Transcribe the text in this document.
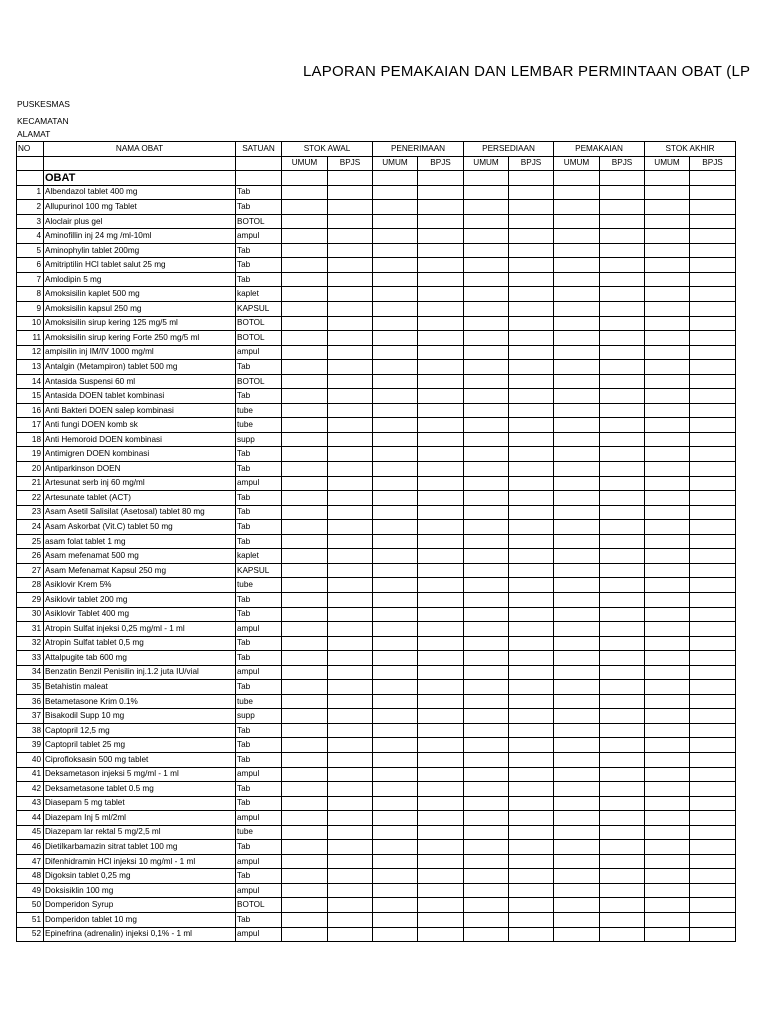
LAPORAN PEMAKAIAN DAN LEMBAR PERMINTAAN OBAT (LP
PUSKESMAS
KECAMATAN
ALAMAT
NO	NAMA OBAT	SATUAN	STOK AWAL		PENERIMAAN		PERSEDIAAN		PEMAKAIAN		STOK AKHIR	
			UMUM	BPJS	UMUM	BPJS	UMUM	BPJS	UMUM	BPJS	UMUM	BPJS
	OBAT											
1	Albendazol tablet 400 mg	Tab										
2	Allupurinol 100 mg Tablet	Tab										
3	Aloclair plus gel	BOTOL										
4	Aminofillin inj 24 mg /ml-10ml	ampul										
5	Aminophylin tablet 200mg	Tab										
6	Amitriptilin HCl tablet salut 25 mg	Tab										
7	Amlodipin 5 mg	Tab										
8	Amoksisilin kaplet 500 mg	kaplet										
9	Amoksisilin kapsul 250 mg	KAPSUL										
10	Amoksisilin sirup kering 125 mg/5 ml	BOTOL										
11	Amoksisilin sirup kering Forte 250 mg/5 ml	BOTOL										
12	ampisilin inj IM/IV 1000 mg/ml	ampul										
13	Antalgin (Metampiron) tablet 500 mg	Tab										
14	Antasida Suspensi 60 ml	BOTOL										
15	Antasida DOEN tablet kombinasi	Tab										
16	Anti Bakteri DOEN salep kombinasi	tube										
17	Anti fungi DOEN komb sk	tube										
18	Anti Hemoroid DOEN kombinasi	supp										
19	Antimigren DOEN kombinasi	Tab										
20	Antiparkinson DOEN	Tab										
21	Artesunat serb inj 60 mg/ml	ampul										
22	Artesunate tablet (ACT)	Tab										
23	Asam Asetil Salisilat (Asetosal) tablet 80 mg	Tab										
24	Asam Askorbat (Vit.C) tablet 50 mg	Tab										
25	asam folat tablet 1 mg	Tab										
26	Asam mefenamat 500 mg	kaplet										
27	Asam Mefenamat Kapsul 250 mg	KAPSUL										
28	Asiklovir Krem 5%	tube										
29	Asiklovir tablet 200 mg	Tab										
30	Asiklovir Tablet 400 mg	Tab										
31	Atropin Sulfat injeksi 0,25 mg/ml - 1 ml	ampul										
32	Atropin Sulfat tablet 0,5 mg	Tab										
33	Attalpugite tab 600 mg	Tab										
34	Benzatin Benzil Penisilin inj.1.2 juta IU/vial	ampul										
35	Betahistin maleat	Tab										
36	Betametasone Krim 0.1%	tube										
37	Bisakodil Supp 10 mg	supp										
38	Captopril 12,5 mg	Tab										
39	Captopril tablet 25 mg	Tab										
40	Ciprofloksasin 500 mg tablet	Tab										
41	Deksametason injeksi 5 mg/ml - 1 ml	ampul										
42	Deksametasone tablet 0.5 mg	Tab										
43	Diasepam 5 mg tablet	Tab										
44	Diazepam Inj 5 ml/2ml	ampul										
45	Diazepam lar rektal 5 mg/2,5 ml	tube										
46	Dietilkarbamazin sitrat tablet 100 mg	Tab										
47	Difenhidramin HCl injeksi 10 mg/ml - 1 ml	ampul										
48	Digoksin tablet 0,25 mg	Tab										
49	Doksisiklin 100 mg	ampul										
50	Domperidon Syrup	BOTOL										
51	Domperidon tablet 10 mg	Tab										
52	Epinefrina (adrenalin) injeksi 0,1% - 1 ml	ampul										
